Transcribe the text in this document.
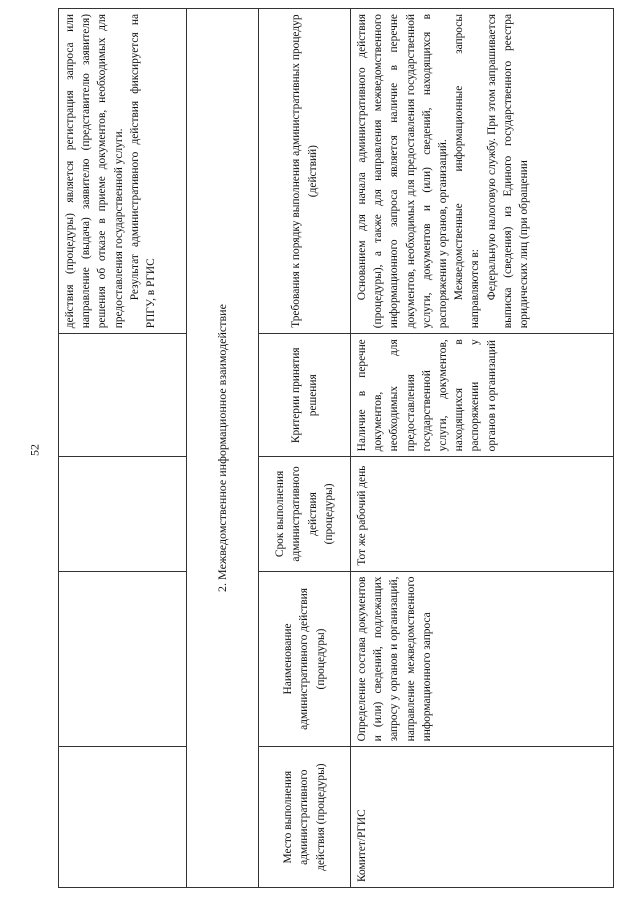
52

				действия (процедуры) является регистрация запроса или направление (выдача) заявителю (представителю заявителя) решения об отказе в приеме документов, необходимых для предоставления государственной услуги. Результат административного действия фиксируется на РПГУ, в РГИС

2. Межведомственное информационное взаимодействие				
Место выполнения административного действия (процедуры)	Наименование административного действия (процедуры)	Срок выполнения административного действия (процедуры)	Критерии принятия решения	Требования к порядку выполнения административных процедур (действий)
Комитет/РГИС	Определение состава документов и (или) сведений, подлежащих запросу у органов и организаций, направление межведомственного информационного запроса	Тот же рабочий день	Наличие в перечне документов, необходимых для предоставления государственной услуги, документов, находящихся в распоряжении у органов и организаций	Основанием для начала административного действия (процедуры), а также для направления межведомственного информационного запроса является наличие в перечне документов, необходимых для предоставления государственной услуги, документов и (или) сведений, находящихся в распоряжении у органов, организаций. Межведомственные информационные запросы направляются в: Федеральную налоговую службу. При этом запрашивается выписка (сведения) из Единого государственного реестра юридических лиц (при обращении
